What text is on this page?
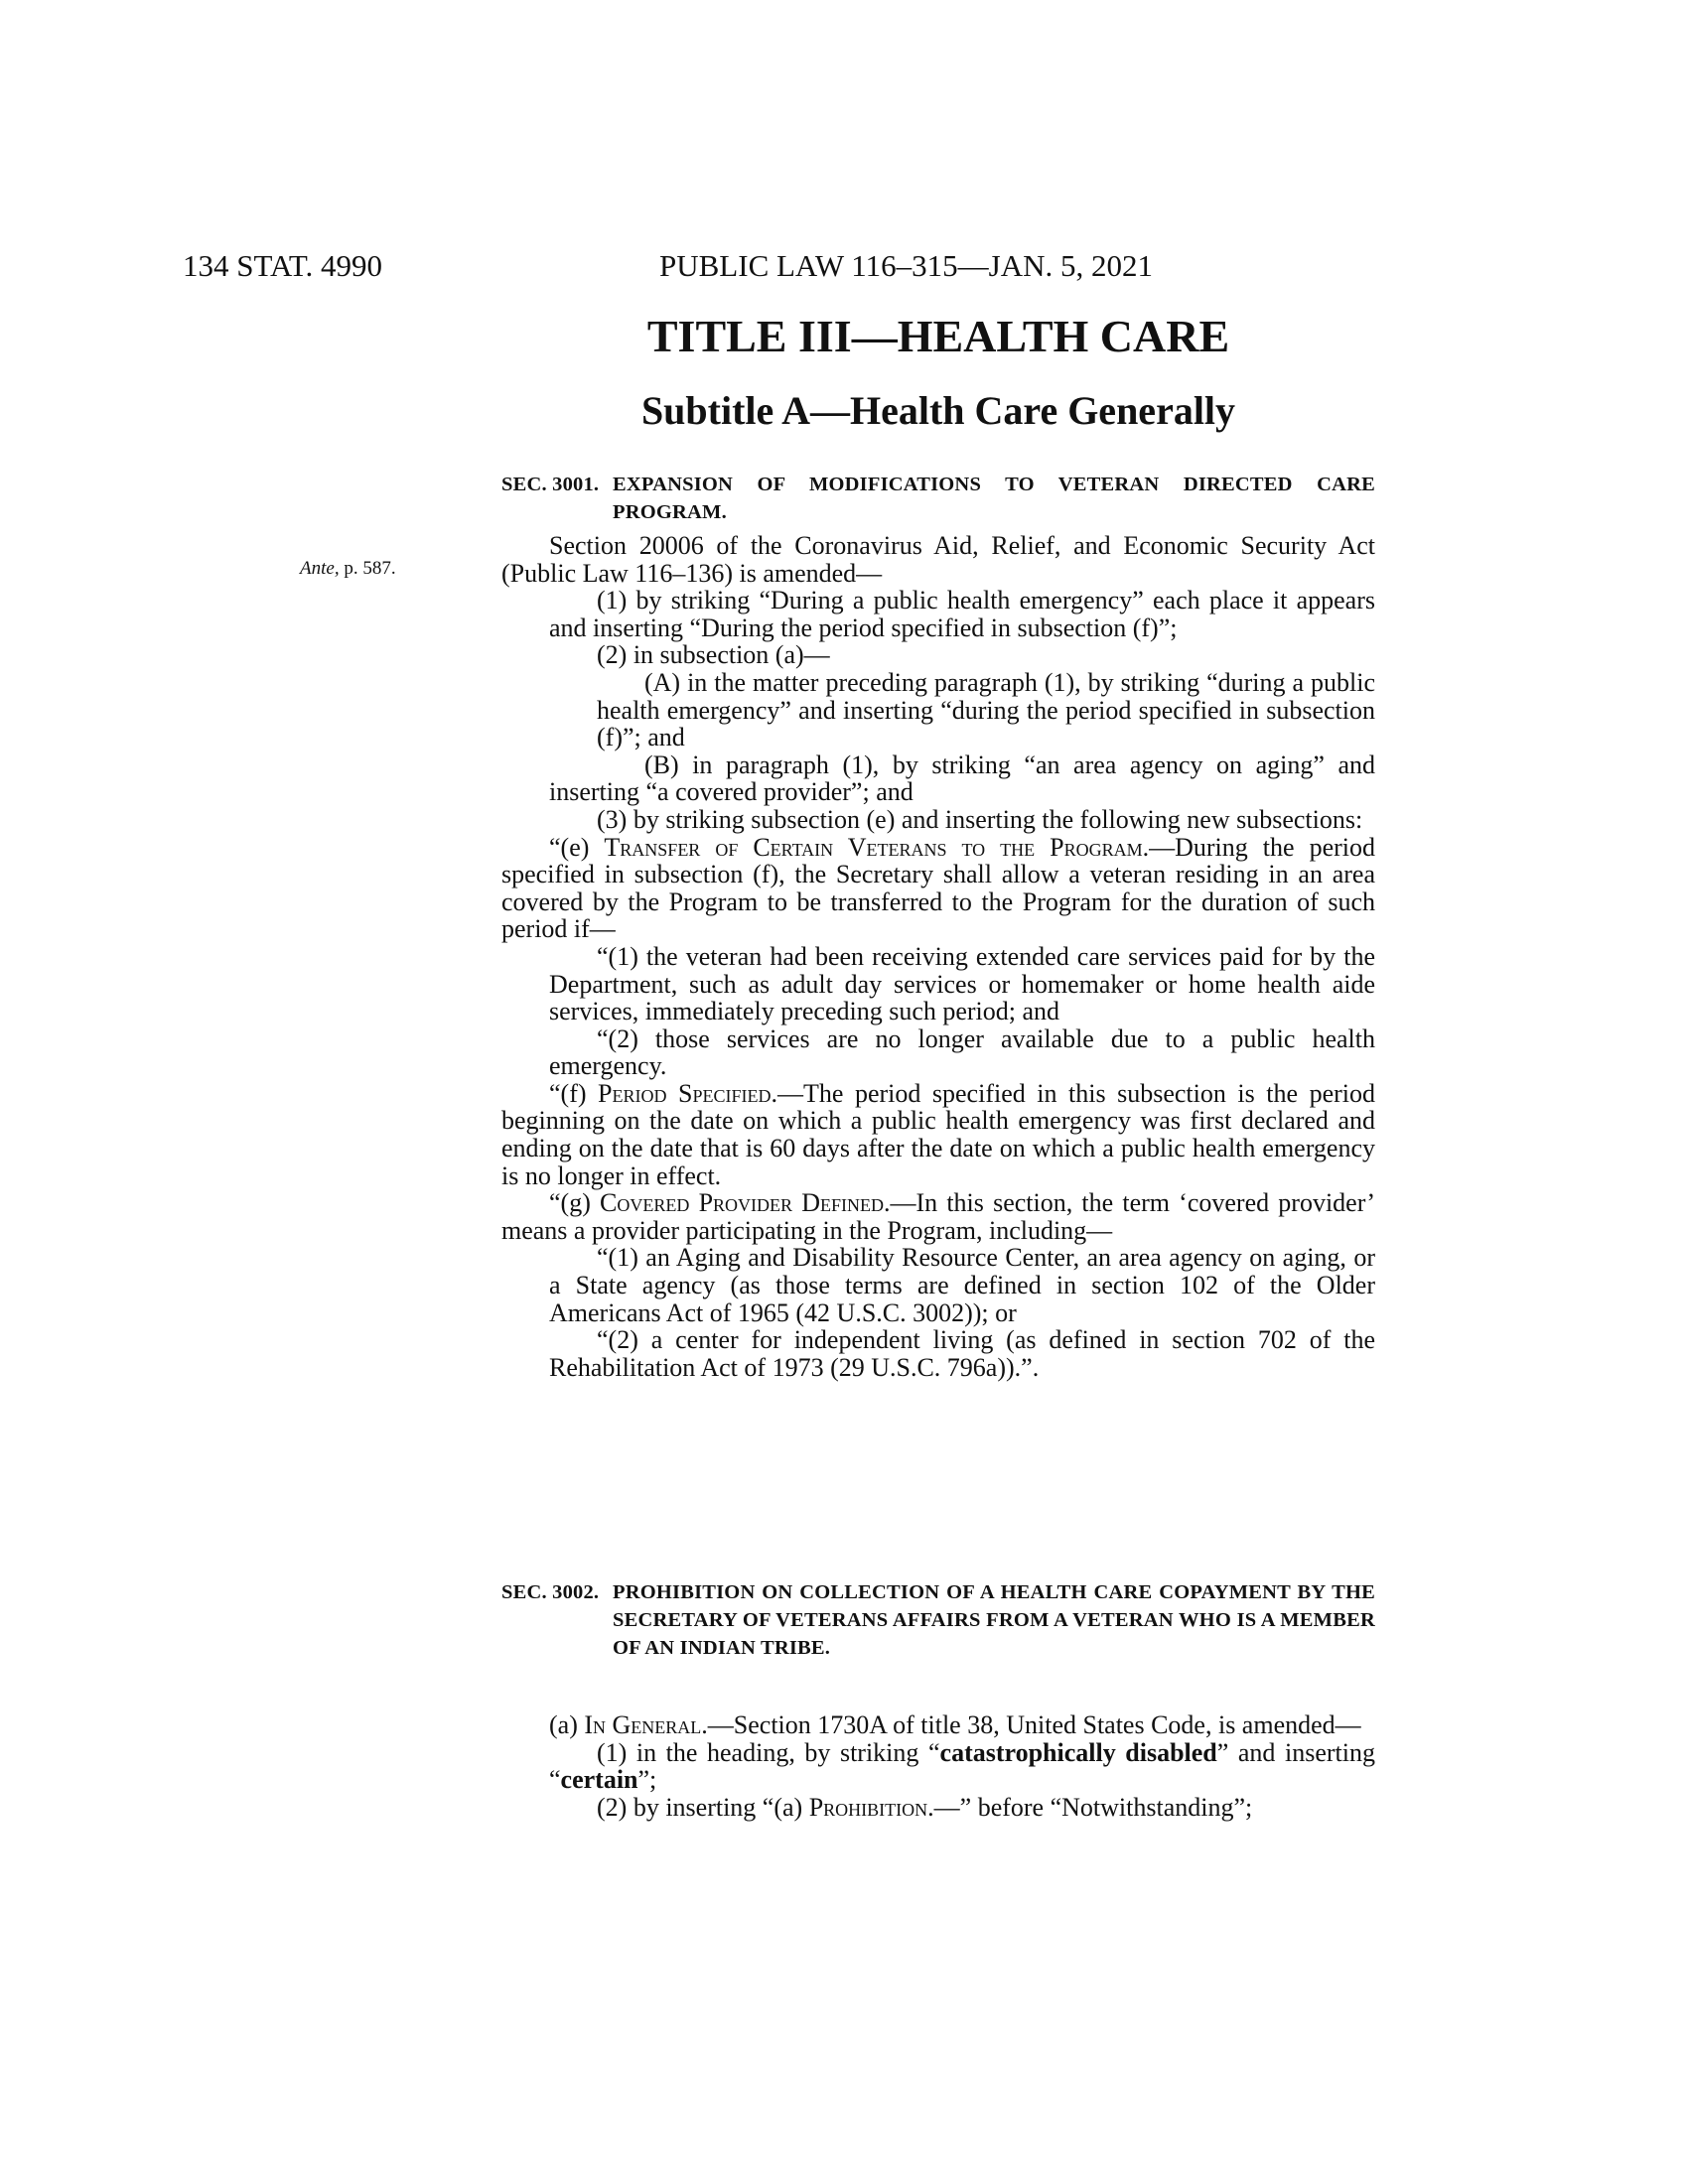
134 STAT. 4990	PUBLIC LAW 116–315—JAN. 5, 2021
TITLE III—HEALTH CARE
Subtitle A—Health Care Generally
SEC. 3001. EXPANSION OF MODIFICATIONS TO VETERAN DIRECTED CARE PROGRAM.
Ante, p. 587.

Section 20006 of the Coronavirus Aid, Relief, and Economic Security Act (Public Law 116–136) is amended—

(1) by striking “During a public health emergency” each place it appears and inserting “During the period specified in subsection (f)”;

(2) in subsection (a)—

(A) in the matter preceding paragraph (1), by striking “during a public health emergency” and inserting “during the period specified in subsection (f)”; and

(B) in paragraph (1), by striking “an area agency on aging” and inserting “a covered provider”; and

(3) by striking subsection (e) and inserting the following new subsections:

“(e) Transfer of Certain Veterans to the Program.—During the period specified in subsection (f), the Secretary shall allow a veteran residing in an area covered by the Program to be transferred to the Program for the duration of such period if—

“(1) the veteran had been receiving extended care services paid for by the Department, such as adult day services or homemaker or home health aide services, immediately preceding such period; and

“(2) those services are no longer available due to a public health emergency.

“(f) Period Specified.—The period specified in this subsection is the period beginning on the date on which a public health emergency was first declared and ending on the date that is 60 days after the date on which a public health emergency is no longer in effect.

“(g) Covered Provider Defined.—In this section, the term ‘covered provider’ means a provider participating in the Program, including—

“(1) an Aging and Disability Resource Center, an area agency on aging, or a State agency (as those terms are defined in section 102 of the Older Americans Act of 1965 (42 U.S.C. 3002)); or

“(2) a center for independent living (as defined in section 702 of the Rehabilitation Act of 1973 (29 U.S.C. 796a)).”.

SEC. 3002. PROHIBITION ON COLLECTION OF A HEALTH CARE COPAYMENT BY THE SECRETARY OF VETERANS AFFAIRS FROM A VETERAN WHO IS A MEMBER OF AN INDIAN TRIBE.

(a) In General.—Section 1730A of title 38, United States Code, is amended—

(1) in the heading, by striking “catastrophically disabled” and inserting “certain”;

(2) by inserting “(a) Prohibition.—” before “Notwithstanding”;
